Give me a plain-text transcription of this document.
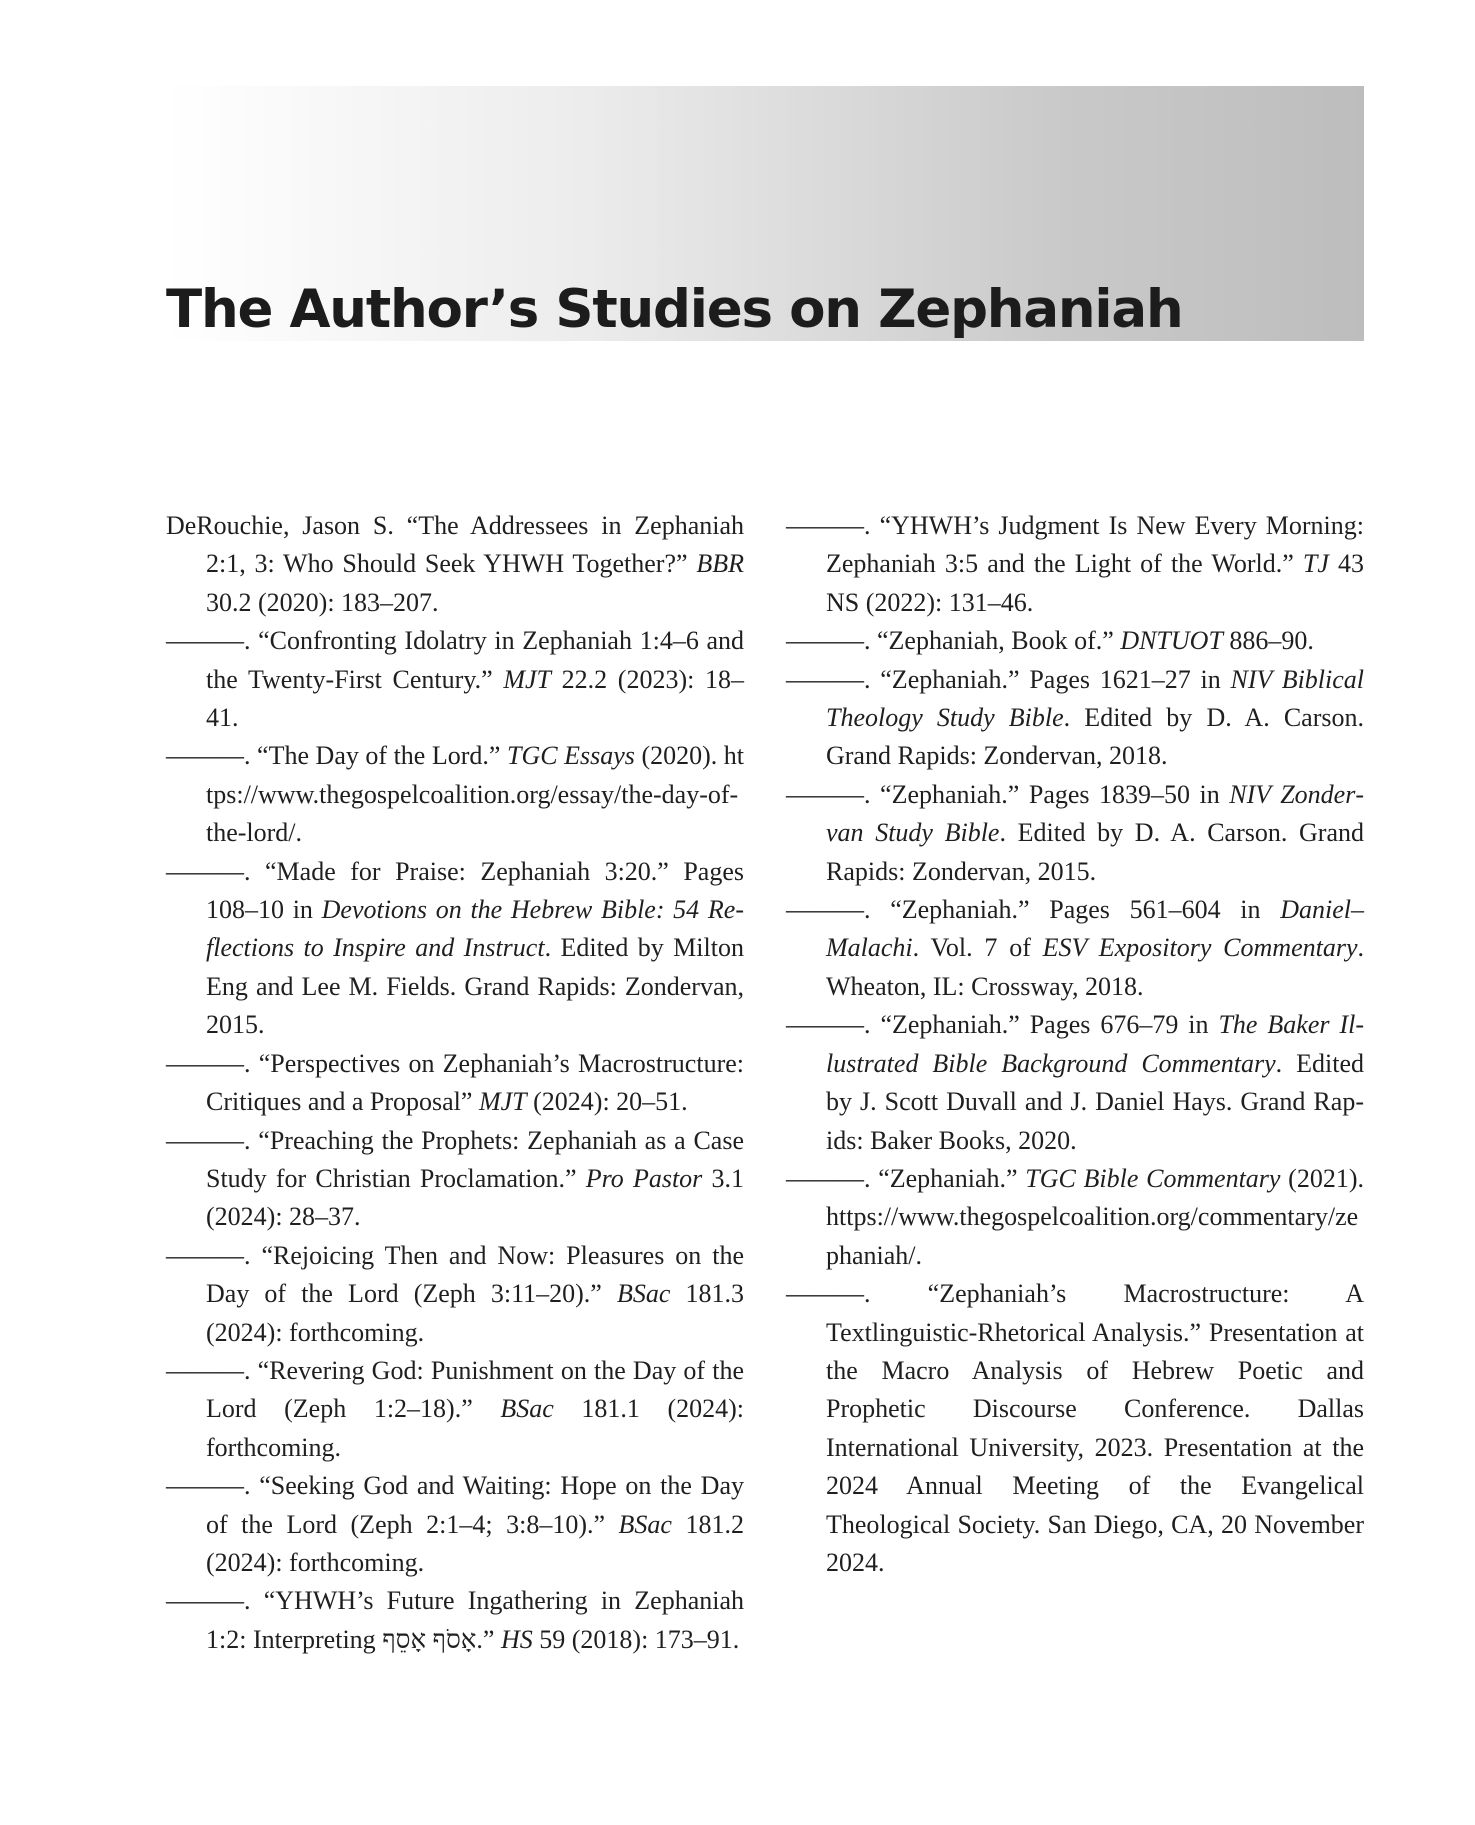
The Author’s Studies on Zephaniah
DeRouchie, Jason S. “The Addressees in Zephaniah 2:1, 3: Who Should Seek YHWH Together?” BBR 30.2 (2020): 183–207.
———. “Confronting Idolatry in Zephaniah 1:4–6 and the Twenty-First Century.” MJT 22.2 (2023): 18–41.
———. “The Day of the Lord.” TGC Essays (2020). https://www.thegospelcoalition.org/essay/the-day-of-the-lord/.
———. “Made for Praise: Zephaniah 3:20.” Pages 108–10 in Devotions on the Hebrew Bible: 54 Reflections to Inspire and Instruct. Edited by Milton Eng and Lee M. Fields. Grand Rapids: Zondervan, 2015.
———. “Perspectives on Zephaniah’s Macrostructure: Critiques and a Proposal” MJT (2024): 20–51.
———. “Preaching the Prophets: Zephaniah as a Case Study for Christian Proclamation.” Pro Pastor 3.1 (2024): 28–37.
———. “Rejoicing Then and Now: Pleasures on the Day of the Lord (Zeph 3:11–20).” BSac 181.3 (2024): forthcoming.
———. “Revering God: Punishment on the Day of the Lord (Zeph 1:2–18).” BSac 181.1 (2024): forthcoming.
———. “Seeking God and Waiting: Hope on the Day of the Lord (Zeph 2:1–4; 3:8–10).” BSac 181.2 (2024): forthcoming.
———. “YHWH’s Future Ingathering in Zephaniah 1:2: Interpreting אָסֹף אָסֵף.” HS 59 (2018): 173–91.
———. “YHWH’s Judgment Is New Every Morning: Zephaniah 3:5 and the Light of the World.” TJ 43 NS (2022): 131–46.
———. “Zephaniah, Book of.” DNTUOT 886–90.
———. “Zephaniah.” Pages 1621–27 in NIV Biblical Theology Study Bible. Edited by D. A. Carson. Grand Rapids: Zondervan, 2018.
———. “Zephaniah.” Pages 1839–50 in NIV Zondervan Study Bible. Edited by D. A. Carson. Grand Rapids: Zondervan, 2015.
———. “Zephaniah.” Pages 561–604 in Daniel–Malachi. Vol. 7 of ESV Expository Commentary. Wheaton, IL: Crossway, 2018.
———. “Zephaniah.” Pages 676–79 in The Baker Illustrated Bible Background Commentary. Edited by J. Scott Duvall and J. Daniel Hays. Grand Rapids: Baker Books, 2020.
———. “Zephaniah.” TGC Bible Commentary (2021). https://www.thegospelcoalition.org/commentary/zephaniah/.
———. “Zephaniah’s Macrostructure: A Textlinguistic-Rhetorical Analysis.” Presentation at the Macro Analysis of Hebrew Poetic and Prophetic Discourse Conference. Dallas International University, 2023. Presentation at the 2024 Annual Meeting of the Evangelical Theological Society. San Diego, CA, 20 November 2024.
